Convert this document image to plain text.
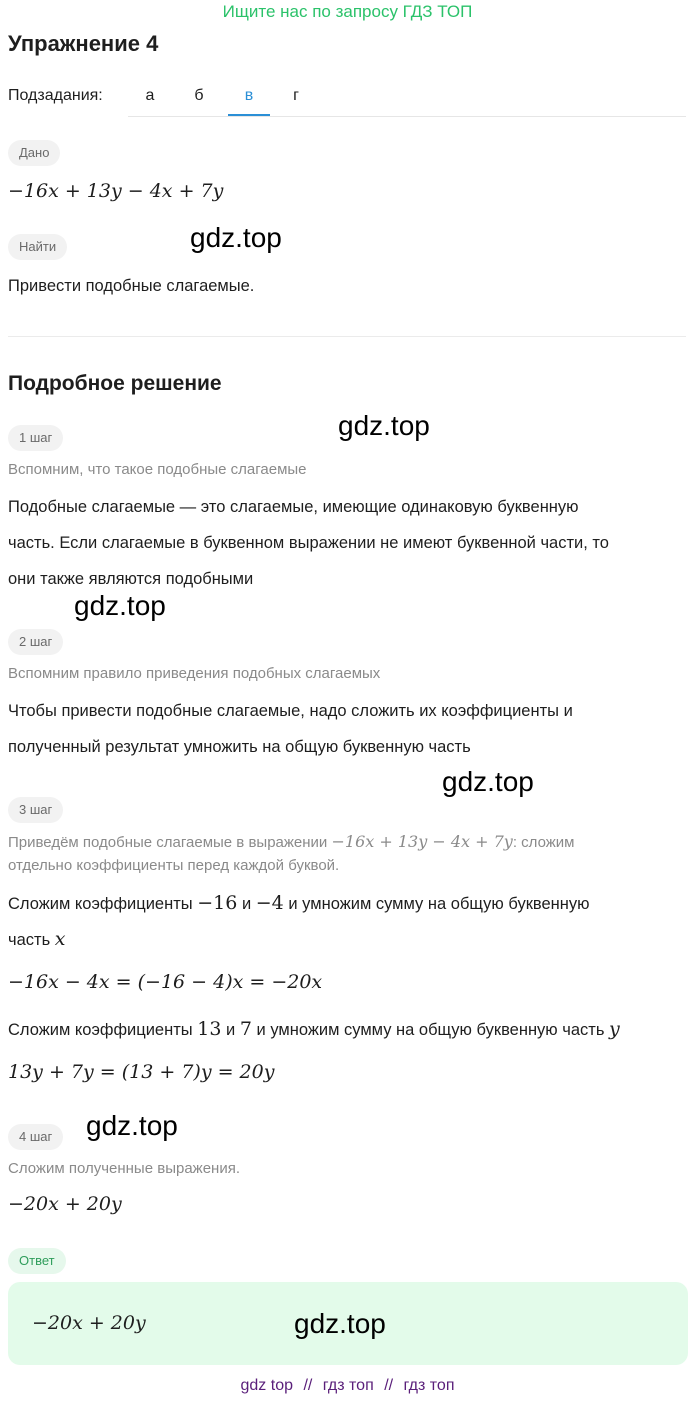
Ищите нас по запросу ГДЗ ТОП
Упражнение 4
Подзадания:	а	б	в	г
Дано
−16x + 13y − 4x + 7y
Найти	gdz.top
Привести подобные слагаемые.
Подробное решение
gdz.top
1 шаг
Вспомним, что такое подобные слагаемые
Подобные слагаемые — это слагаемые, имеющие одинаковую буквенную
часть. Если слагаемые в буквенном выражении не имеют буквенной части, то
они также являются подобными
gdz.top
2 шаг
Вспомним правило приведения подобных слагаемых
Чтобы привести подобные слагаемые, надо сложить их коэффициенты и
полученный результат умножить на общую буквенную часть
gdz.top
3 шаг
Приведём подобные слагаемые в выражении −16x + 13y − 4x + 7y: сложим
отдельно коэффициенты перед каждой буквой.
Сложим коэффициенты −16 и −4 и умножим сумму на общую буквенную
часть x
−16x − 4x = (−16 − 4)x = −20x
Сложим коэффициенты 13 и 7 и умножим сумму на общую буквенную часть y
13y + 7y = (13 + 7)y = 20y
4 шаг	gdz.top
Сложим полученные выражения.
−20x + 20y
Ответ
−20x + 20y	gdz.top
gdz top // гдз топ // гдз топ
